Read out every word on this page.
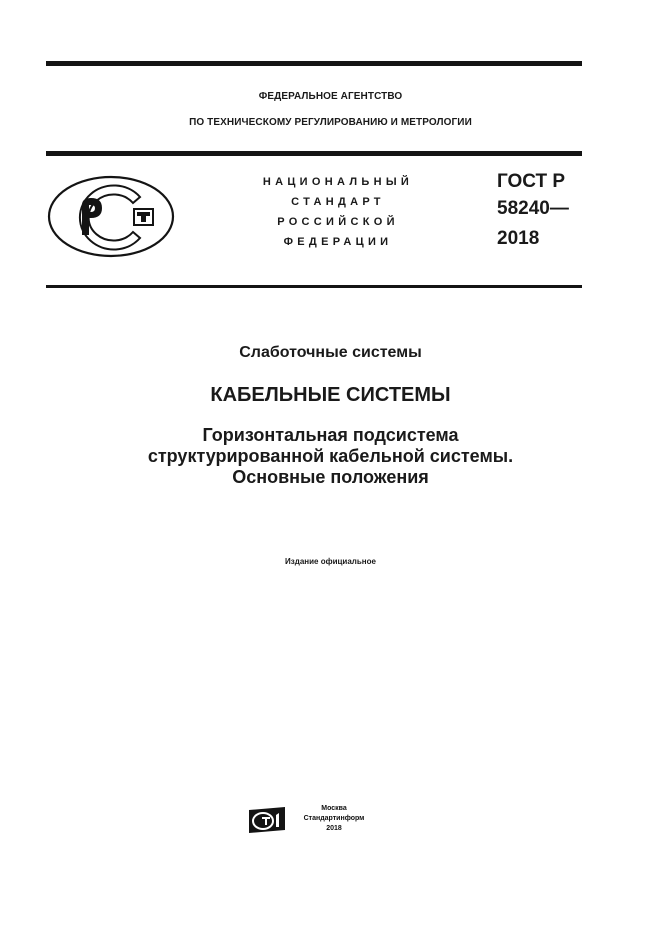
ФЕДЕРАЛЬНОЕ АГЕНТСТВО
ПО ТЕХНИЧЕСКОМУ РЕГУЛИРОВАНИЮ И МЕТРОЛОГИИ
НАЦИОНАЛЬНЫЙ
СТАНДАРТ
РОССИЙСКОЙ
ФЕДЕРАЦИИ
ГОСТ Р
58240—
2018
Слаботочные системы
КАБЕЛЬНЫЕ СИСТЕМЫ
Горизонтальная подсистема
структурированной кабельной системы.
Основные положения
Издание официальное
Москва
Стандартинформ
2018
